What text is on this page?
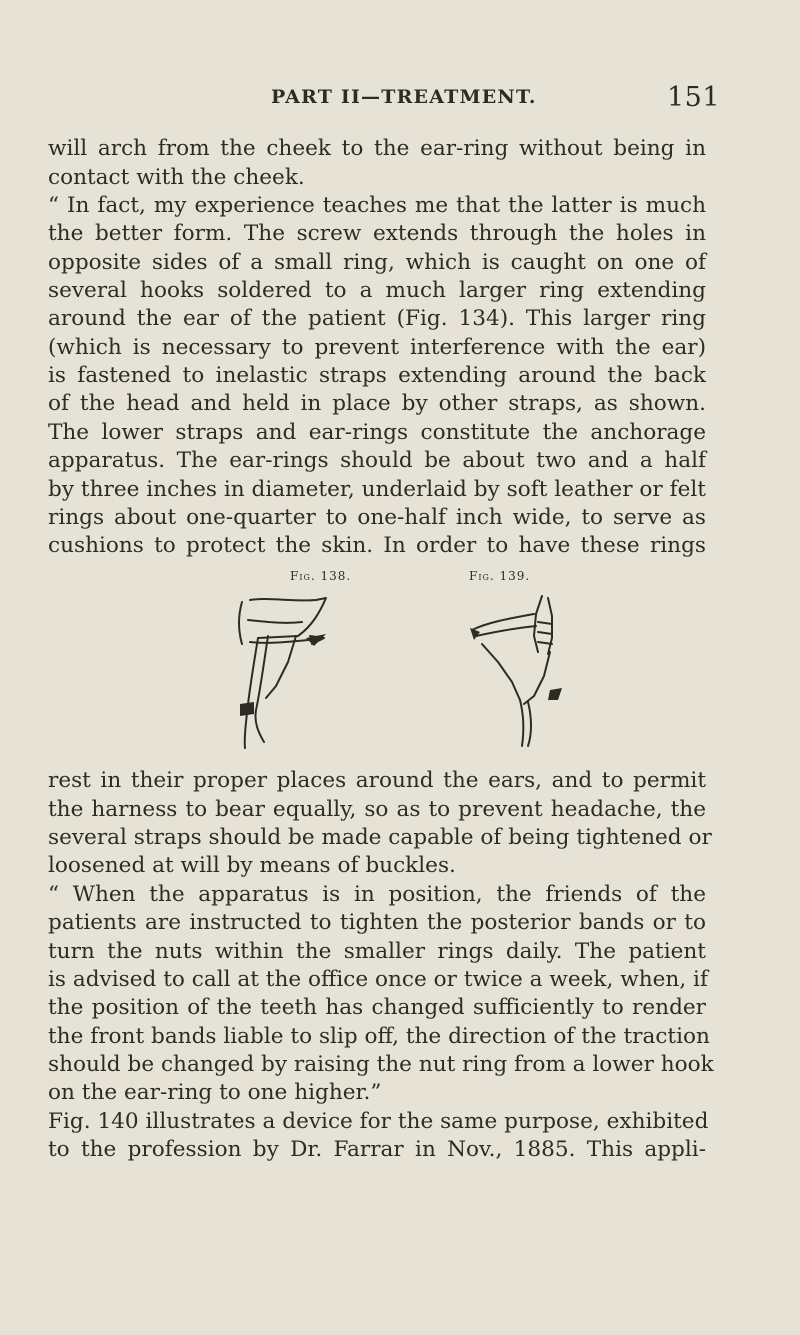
PART II—TREATMENT.	151
will arch from the cheek to the ear-ring without being in
contact with the cheek.
“ In fact, my experience teaches me that the latter is much
the better form. The screw extends through the holes in
opposite sides of a small ring, which is caught on one of
several hooks soldered to a much larger ring extending
around the ear of the patient (Fig. 134). This larger ring
(which is necessary to prevent interference with the ear)
is fastened to inelastic straps extending around the back
of the head and held in place by other straps, as shown.
The lower straps and ear-rings constitute the anchorage
apparatus. The ear-rings should be about two and a half
by three inches in diameter, underlaid by soft leather or felt
rings about one-quarter to one-half inch wide, to serve as
cushions to protect the skin. In order to have these rings
Fig. 138.	Fig. 139.
rest in their proper places around the ears, and to permit
the harness to bear equally, so as to prevent headache, the
several straps should be made capable of being tightened or
loosened at will by means of buckles.
“ When the apparatus is in position, the friends of the
patients are instructed to tighten the posterior bands or to
turn the nuts within the smaller rings daily. The patient
is advised to call at the office once or twice a week, when, if
the position of the teeth has changed sufficiently to render
the front bands liable to slip off, the direction of the traction
should be changed by raising the nut ring from a lower hook
on the ear-ring to one higher.”
Fig. 140 illustrates a device for the same purpose, exhibited
to the profession by Dr. Farrar in Nov., 1885. This appli-
